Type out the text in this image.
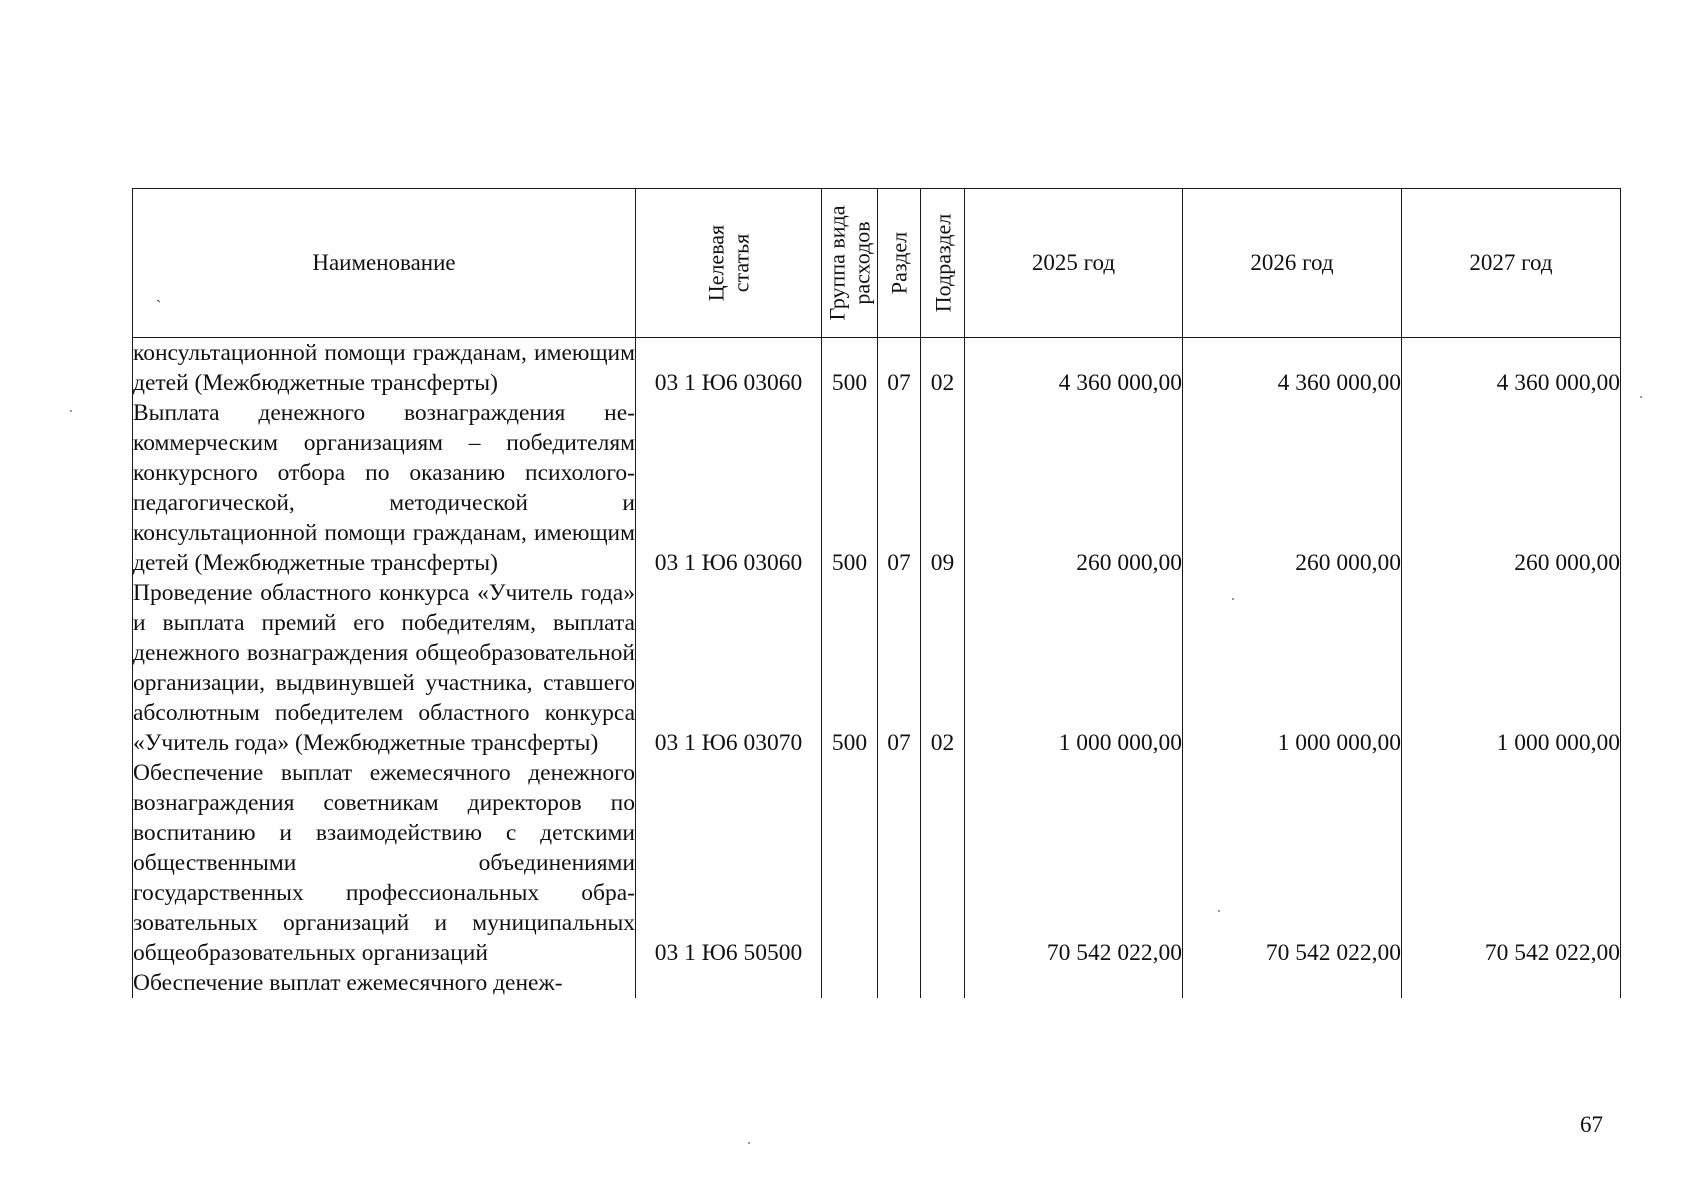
Наименование	Целевая статья	Группа вида расходов	Раздел	Подраздел	2025 год	2026 год	2027 год

консультационной помощи гражданам, имеющим детей (Межбюджетные трансферты)	03 1 Ю6 03060	500	07	02	4 360 000,00	4 360 000,00	4 360 000,00

Выплата денежного вознаграждения некоммерческим организациям – победителям конкурсного отбора по оказанию психолого-педагогической, методической и консультационной помощи гражданам, имеющим детей (Межбюджетные трансферты)	03 1 Ю6 03060	500	07	09	260 000,00	260 000,00	260 000,00

Проведение областного конкурса «Учитель года» и выплата премий его победителям, выплата денежного вознаграждения общеобразовательной организации, выдвинувшей участника, ставшего абсолютным победителем областного конкурса «Учитель года» (Межбюджетные трансферты)	03 1 Ю6 03070	500	07	02	1 000 000,00	1 000 000,00	1 000 000,00

Обеспечение выплат ежемесячного денежного вознаграждения советникам директоров по воспитанию и взаимодействию с детскими общественными объединениями государственных профессиональных образовательных организаций и муниципальных общеобразовательных организаций	03 1 Ю6 50500				70 542 022,00	70 542 022,00	70 542 022,00

Обеспечение выплат ежемесячного денеж-							

`
67
